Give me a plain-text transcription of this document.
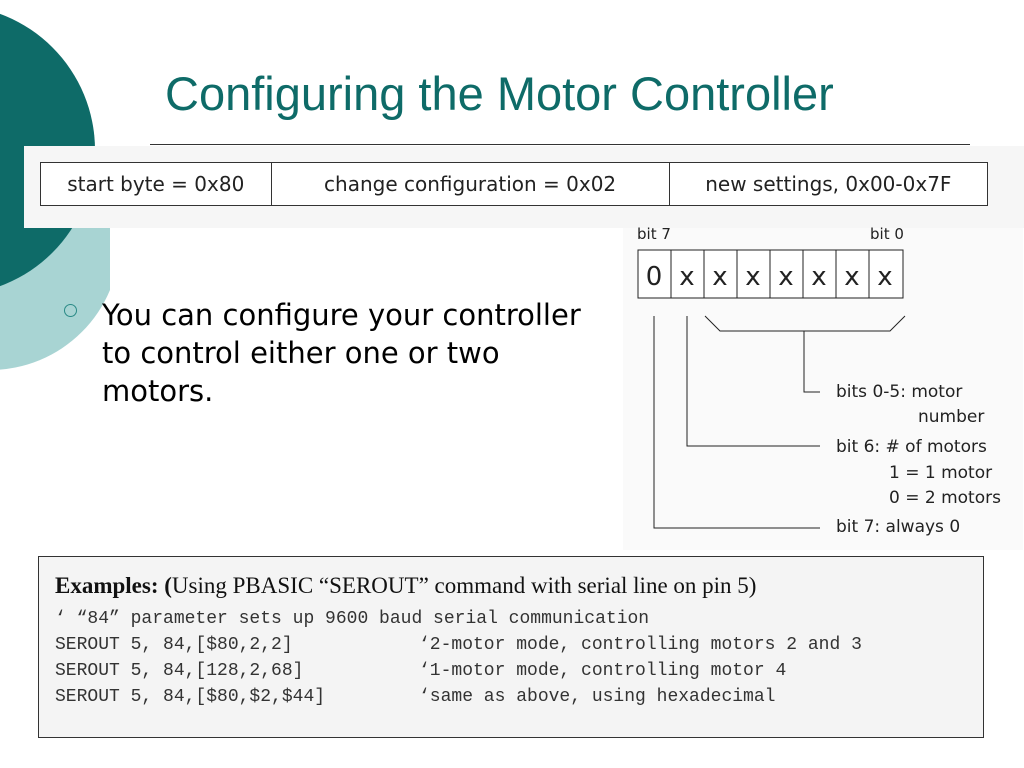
Configuring the Motor Controller
start byte = 0x80	change configuration = 0x02	new settings, 0x00-0x7F
You can configure your controller to control either one or two motors.
bit 7	bit 0
0 x x x x x x x
bits 0-5: motor
number
bit 6: # of motors
1 = 1 motor
0 = 2 motors
bit 7: always 0
Examples: (Using PBASIC “SEROUT” command with serial line on pin 5)
‘ “84” parameter sets up 9600 baud serial communication
SEROUT 5, 84,[$80,2,2]	‘2-motor mode, controlling motors 2 and 3
SEROUT 5, 84,[128,2,68]	‘1-motor mode, controlling motor 4
SEROUT 5, 84,[$80,$2,$44]	‘same as above, using hexadecimal
